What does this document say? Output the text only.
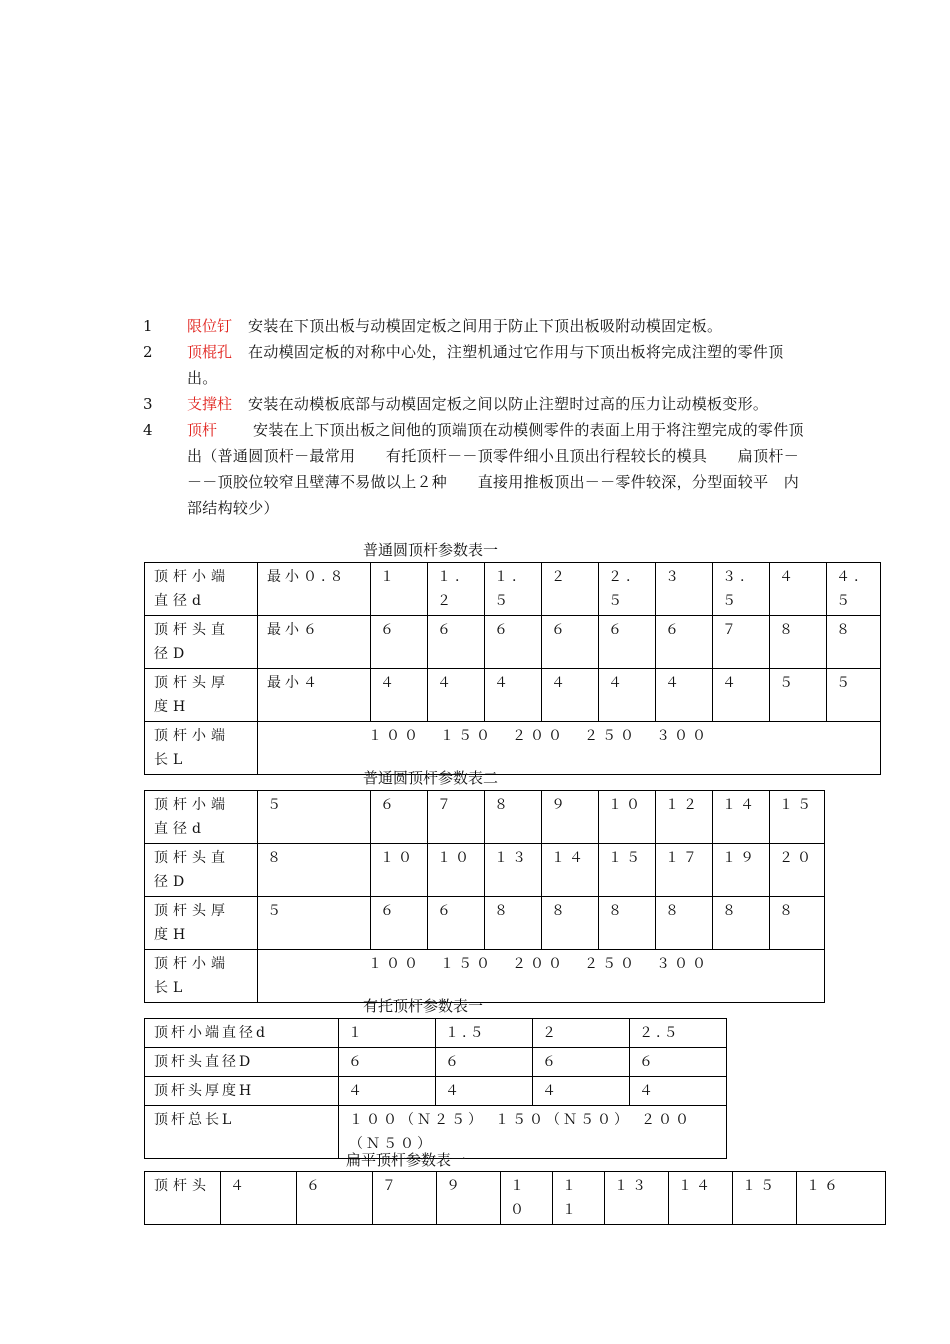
1	限位钉 安装在下顶出板与动模固定板之间用于防止下顶出板吸附动模固定板。
2	顶棍孔 在动模固定板的对称中心处，注塑机通过它作用与下顶出板将完成注塑的零件顶出。
3	支撑柱 安装在动模板底部与动模固定板之间以防止注塑时过高的压力让动模板变形。
4	顶杆 安装在上下顶出板之间他的顶端顶在动模侧零件的表面上用于将注塑完成的零件顶出（普通圆顶杆－最常用　　有托顶杆－－顶零件细小且顶出行程较长的模具　　扁顶杆－－－顶胶位较窄且壁薄不易做以上２种　　直接用推板顶出－－零件较深，分型面较平　内部结构较少）
普通圆顶杆参数表一
顶杆小端直径d	最小０.８	１	１.２	１.５	２	２.５	３	３.５	４	４.５
顶杆头直径D	最小６	６	６	６	６	６	６	７	８	８
顶杆头厚度H	最小４	４	４	４	４	４	４	４	５	５
顶杆小端长L	１００　１５０　２００　２５０　３００									
普通圆顶杆参数表二
顶杆小端直径d	５	６	７	８	９	１０	１２	１４	１５
顶杆头直径D	８	１０	１０	１３	１４	１５	１７	１９	２０
顶杆头厚度H	５	６	６	８	８	８	８	８	８
顶杆小端长L	１００　１５０　２００　２５０　３００								
有托顶杆参数表一
顶杆小端直径d	１	１.５	２	２.５
顶杆头直径D	６	６	６	６
顶杆头厚度H	４	４	４	４
顶杆总长L	１００（Ｎ２５）　１５０（Ｎ５０）　２００（Ｎ５０）			
扁平顶杆参数表一
顶杆头	４	６	７	９	１０	１１	１３	１４	１５	１６
